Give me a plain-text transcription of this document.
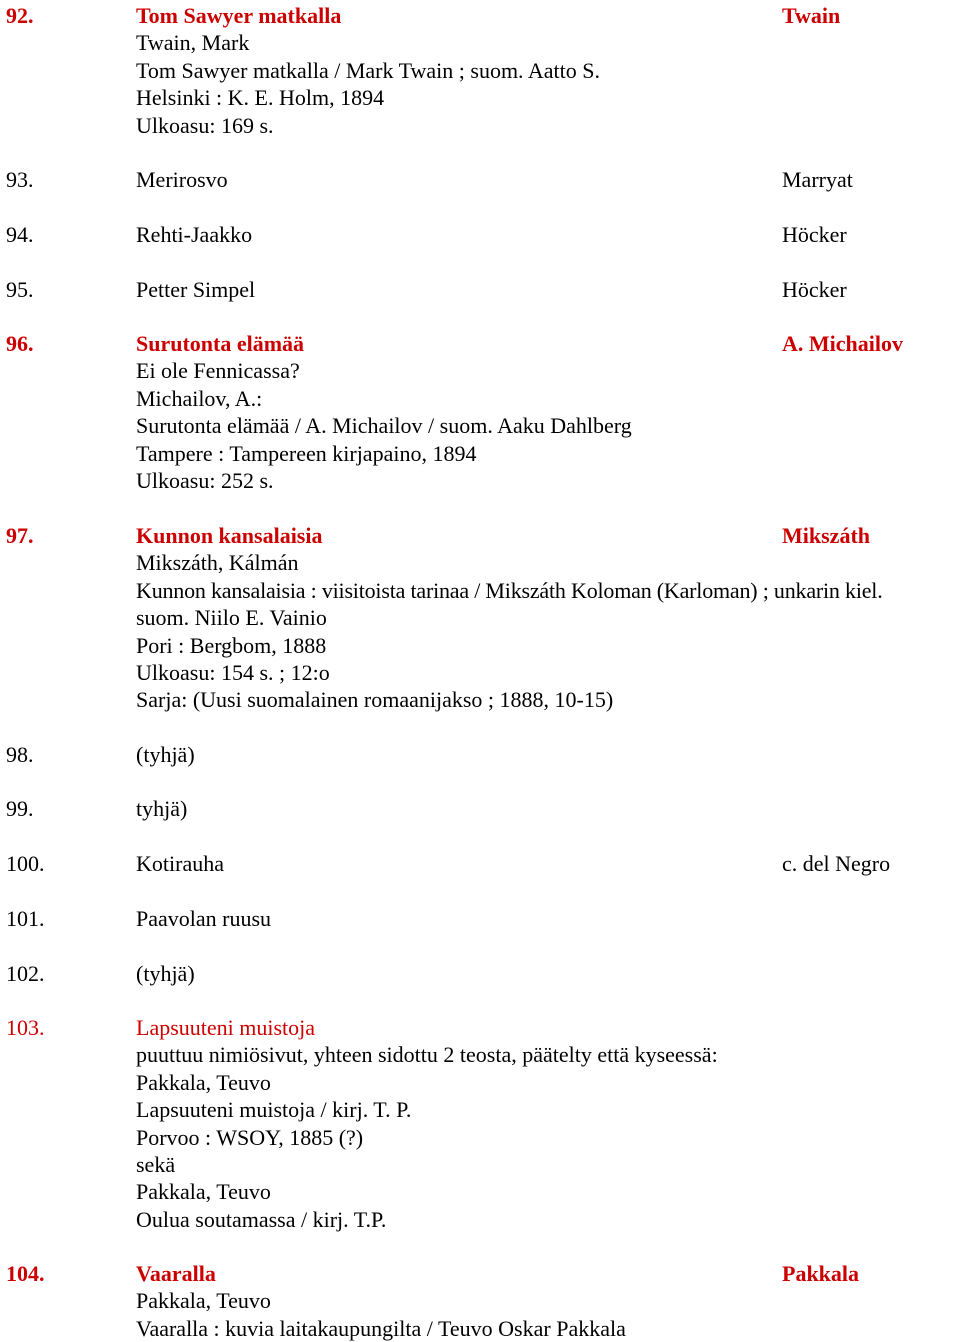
92.	Tom Sawyer matkalla	Twain
Twain, Mark
Tom Sawyer matkalla / Mark Twain ; suom. Aatto S.
Helsinki : K. E. Holm, 1894
Ulkoasu: 169 s.
93.	Merirosvo	Marryat
94.	Rehti-Jaakko	Höcker
95.	Petter Simpel	Höcker
96.	Surutonta elämää	A. Michailov
Ei ole Fennicassa?
Michailov, A.:
Surutonta elämää / A. Michailov / suom. Aaku Dahlberg
Tampere : Tampereen kirjapaino, 1894
Ulkoasu: 252 s.
97.	Kunnon kansalaisia	Mikszáth
Mikszáth, Kálmán
Kunnon kansalaisia : viisitoista tarinaa / Mikszáth Koloman (Karloman) ; unkarin kiel.
suom. Niilo E. Vainio
Pori : Bergbom, 1888
Ulkoasu: 154 s. ; 12:o
Sarja: (Uusi suomalainen romaanijakso ; 1888, 10-15)
98.	(tyhjä)
99.	tyhjä)
100.	Kotirauha	c. del Negro
101.	Paavolan ruusu
102.	(tyhjä)
103.	Lapsuuteni muistoja
puuttuu nimiösivut, yhteen sidottu 2 teosta, päätelty että kyseessä:
Pakkala, Teuvo
Lapsuuteni muistoja / kirj. T. P.
Porvoo : WSOY, 1885 (?)
sekä
Pakkala, Teuvo
Oulua soutamassa / kirj. T.P.
104.	Vaaralla	Pakkala
Pakkala, Teuvo
Vaaralla : kuvia laitakaupungilta / Teuvo Oskar Pakkala
